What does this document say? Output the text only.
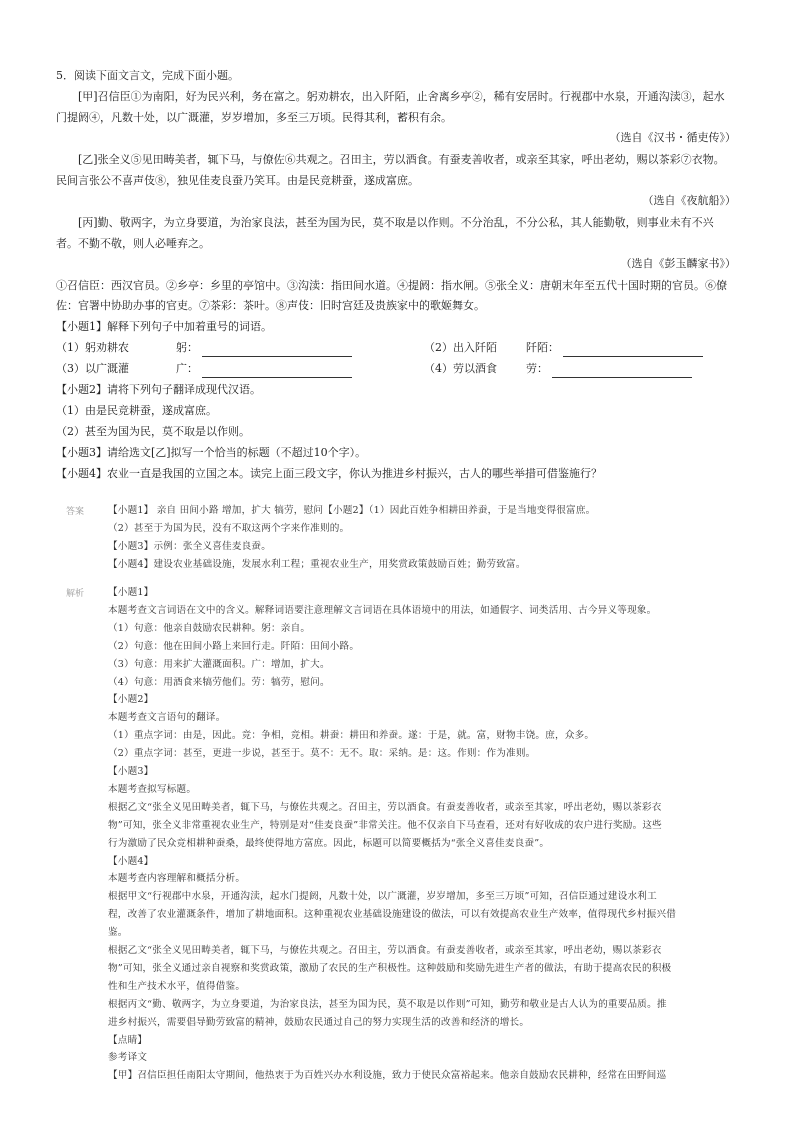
5．阅读下面文言文，完成下面小题。
[甲]召信臣①为南阳，好为民兴利，务在富之。躬劝耕农，出入阡陌，止舍离乡亭②，稀有安居时。行视郡中水泉，开通沟渎③，起水
门提阏④，凡数十处，以广溉灌，岁岁增加，多至三万顷。民得其利，蓄积有余。
[乙]张全义⑤见田畴美者，辄下马，与僚佐⑥共观之。召田主，劳以酒食。有蚕麦善收者，或亲至其家，呼出老幼，赐以茶彩⑦衣物。
民间言张公不喜声伎⑧，独见佳麦良蚕乃笑耳。由是民竞耕蚕，遂成富庶。
[丙]勤、敬两字，为立身要道，为治家良法，甚至为国为民，莫不取是以作则。不分治乱，不分公私，其人能勤敬，则事业未有不兴
者。不勤不敬，则人必唾弃之。
①召信臣：西汉官员。②乡亭：乡里的亭馆中。③沟渎：指田间水道。④提阏：指水闸。⑤张全义：唐朝末年至五代十国时期的官员。⑥僚
佐：官署中协助办事的官吏。⑦茶彩：茶叶。⑧声伎：旧时宫廷及贵族家中的歌姬舞女。
【小题1】解释下列句子中加着重号的词语。
（1）躬劝耕农	躬：	（2）出入阡陌	阡陌：
（3）以广溉灌	广：	（4）劳以酒食	劳：
【小题2】请将下列句子翻译成现代汉语。
（1）由是民竞耕蚕，遂成富庶。
（2）甚至为国为民，莫不取是以作则。
【小题3】请给选文[乙]拟写一个恰当的标题（不超过10个字）。
【小题4】农业一直是我国的立国之本。读完上面三段文字，你认为推进乡村振兴，古人的哪些举措可借鉴施行？
（选自《汉书・循吏传》）
（选自《夜航船》）
（选自《彭玉麟家书》）
答案 【小题1】 亲自 田间小路 增加，扩大 犒劳，慰问【小题2】（1）因此百姓争相耕田养蚕，于是当地变得很富庶。
（2）甚至于为国为民，没有不取这两个字来作准则的。
【小题3】示例：张全义喜佳麦良蚕。
【小题4】建设农业基础设施，发展水利工程；重视农业生产，用奖赏政策鼓励百姓；勤劳致富。
解析 【小题1】
本题考查文言词语在文中的含义。解释词语要注意理解文言词语在具体语境中的用法，如通假字、词类活用、古今异义等现象。
（1）句意：他亲自鼓励农民耕种。躬：亲自。
（2）句意：他在田间小路上来回行走。阡陌：田间小路。
（3）句意：用来扩大灌溉面积。广：增加，扩大。
（4）句意：用酒食来犒劳他们。劳：犒劳，慰问。
【小题2】
本题考查文言语句的翻译。
（1）重点字词：由是，因此。竞：争相，竞相。耕蚕：耕田和养蚕。遂：于是，就。富，财物丰饶。庶，众多。
（2）重点字词：甚至，更进一步说，甚至于。莫不：无不。取：采纳。是：这。作则：作为准则。
【小题3】
本题考查拟写标题。
根据乙文“张全义见田畴美者，辄下马，与僚佐共观之。召田主，劳以酒食。有蚕麦善收者，或亲至其家，呼出老幼，赐以茶彩衣
物”可知，张全义非常重视农业生产，特别是对“佳麦良蚕”非常关注。他不仅亲自下马查看，还对有好收成的农户进行奖励。这些
行为激励了民众竞相耕种蚕桑，最终使得地方富庶。因此，标题可以简要概括为“张全义喜佳麦良蚕”。
【小题4】
本题考查内容理解和概括分析。
根据甲文“行视郡中水泉，开通沟渎，起水门提阏，凡数十处，以广溉灌，岁岁增加，多至三万顷”可知，召信臣通过建设水利工
程，改善了农业灌溉条件，增加了耕地面积。这种重视农业基础设施建设的做法，可以有效提高农业生产效率，值得现代乡村振兴借
鉴。
根据乙文“张全义见田畴美者，辄下马，与僚佐共观之。召田主，劳以酒食。有蚕麦善收者，或亲至其家，呼出老幼，赐以茶彩衣
物”可知，张全义通过亲自视察和奖赏政策，激励了农民的生产积极性。这种鼓励和奖励先进生产者的做法，有助于提高农民的积极
性和生产技术水平，值得借鉴。
根据丙文“勤、敬两字，为立身要道，为治家良法，甚至为国为民，莫不取是以作则”可知，勤劳和敬业是古人认为的重要品质。推
进乡村振兴，需要倡导勤劳致富的精神，鼓励农民通过自己的努力实现生活的改善和经济的增长。
【点睛】
参考译文
【甲】召信臣担任南阳太守期间，他热衷于为百姓兴办水利设施，致力于使民众富裕起来。他亲自鼓励农民耕种，经常在田野间巡
